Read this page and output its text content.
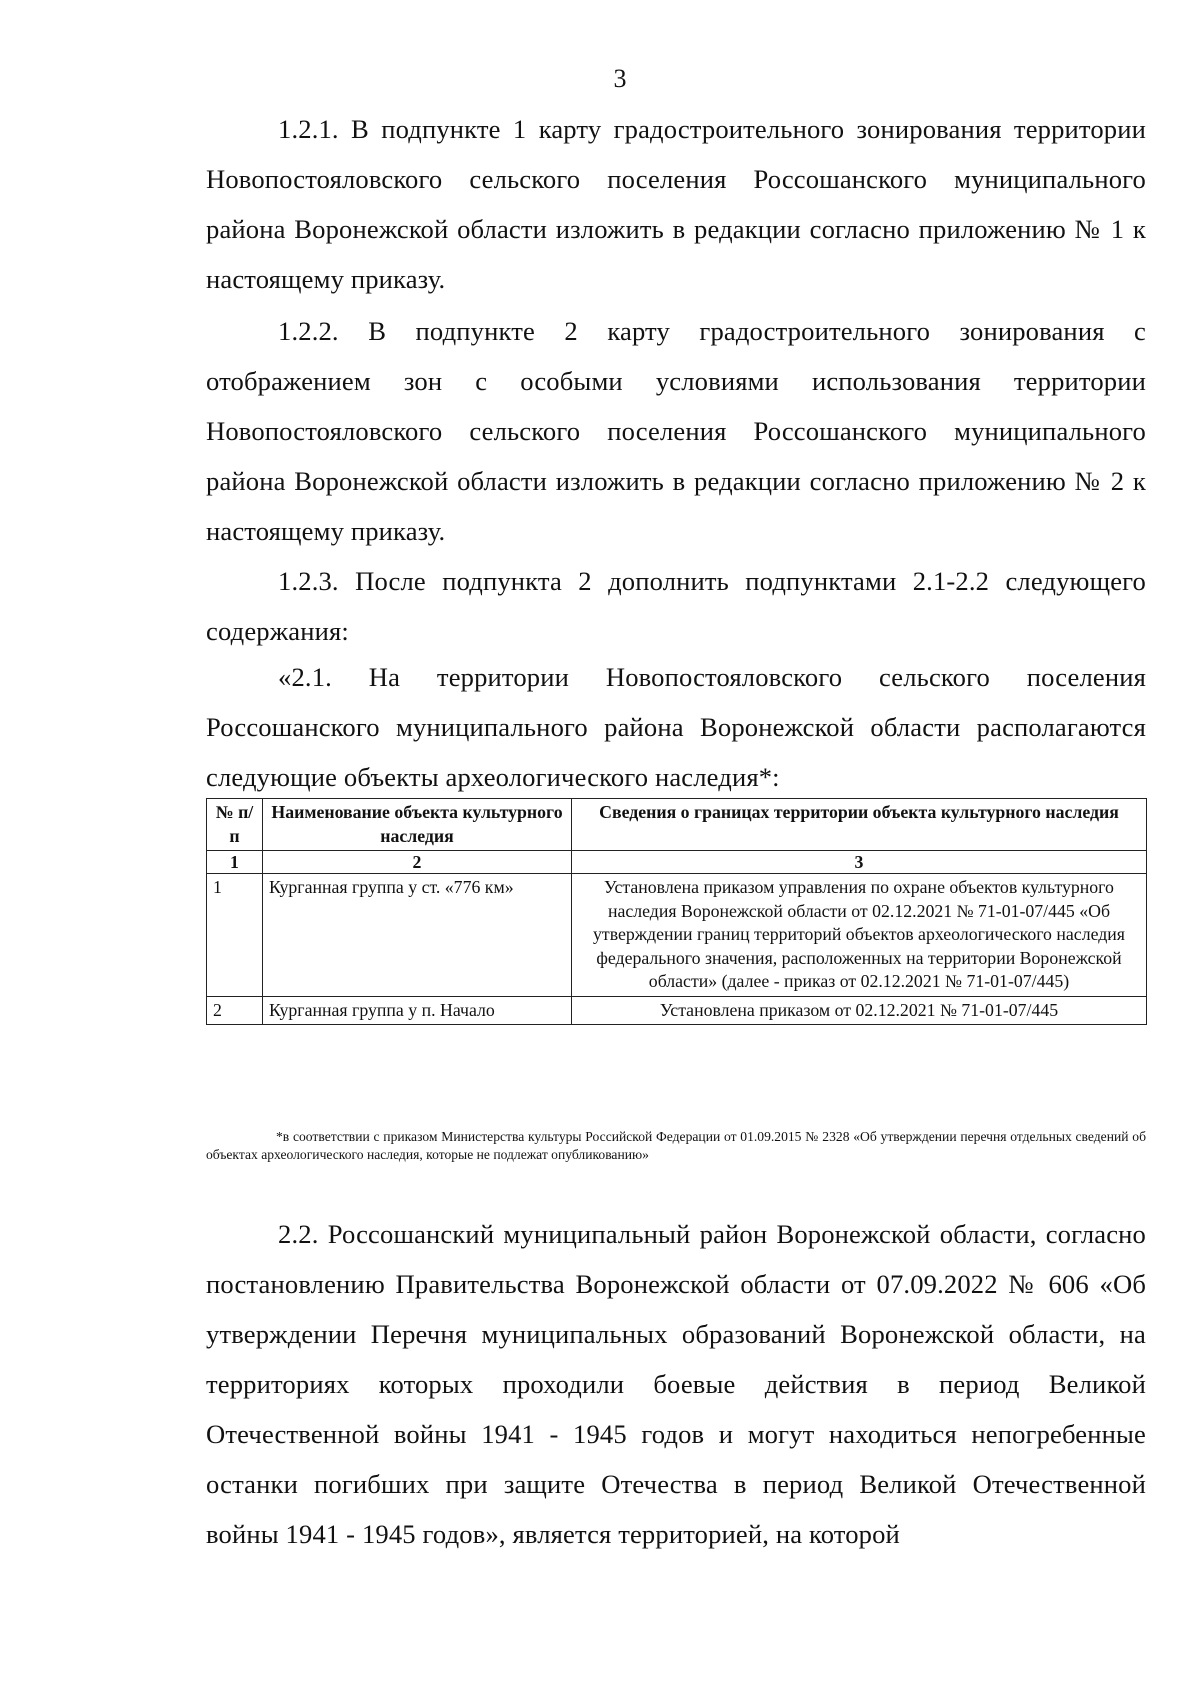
3

1.2.1. В подпункте 1 карту градостроительного зонирования территории Новопостояловского сельского поселения Россошанского муниципального района Воронежской области изложить в редакции согласно приложению № 1 к настоящему приказу.

1.2.2. В подпункте 2 карту градостроительного зонирования с отображением зон с особыми условиями использования территории Новопостояловского сельского поселения Россошанского муниципального района Воронежской области изложить в редакции согласно приложению № 2 к настоящему приказу.

1.2.3. После подпункта 2 дополнить подпунктами 2.1-2.2 следующего содержания:

«2.1. На территории Новопостояловского сельского поселения Россошанского муниципального района Воронежской области располагаются следующие объекты археологического наследия*:

№ п/п	Наименование объекта культурного наследия	Сведения о границах территории объекта культурного наследия
1	2	3
1	Курганная группа у ст. «776 км»	Установлена приказом управления по охране объектов культурного наследия Воронежской области от 02.12.2021 № 71-01-07/445 «Об утверждении границ территорий объектов археологического наследия федерального значения, расположенных на территории Воронежской области» (далее - приказ от 02.12.2021 № 71-01-07/445)
2	Курганная группа у п. Начало	Установлена приказом от 02.12.2021 № 71-01-07/445

*в соответствии с приказом Министерства культуры Российской Федерации от 01.09.2015 № 2328 «Об утверждении перечня отдельных сведений об объектах археологического наследия, которые не подлежат опубликованию»

2.2. Россошанский муниципальный район Воронежской области, согласно постановлению Правительства Воронежской области от 07.09.2022 № 606 «Об утверждении Перечня муниципальных образований Воронежской области, на территориях которых проходили боевые действия в период Великой Отечественной войны 1941 - 1945 годов и могут находиться непогребенные останки погибших при защите Отечества в период Великой Отечественной войны 1941 - 1945 годов», является территорией, на которой
